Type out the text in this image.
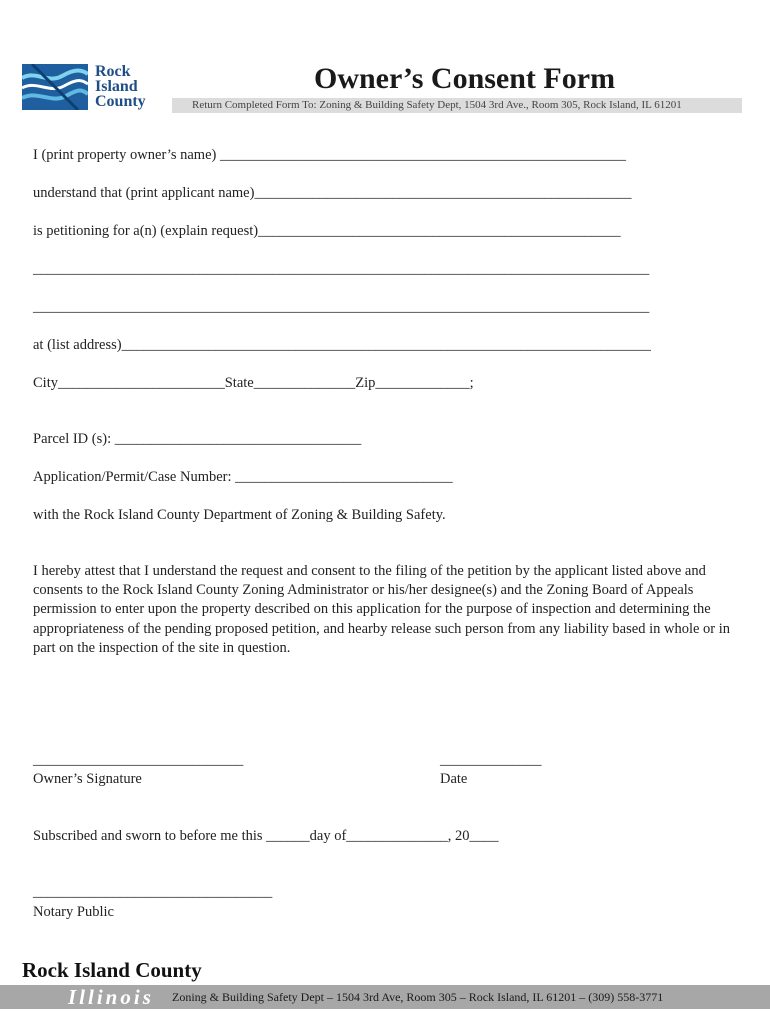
Rock
Island
County
Owner’s Consent Form
Return Completed Form To: Zoning & Building Safety Dept, 1504 3rd Ave., Room 305, Rock Island, IL 61201
I (print property owner’s name) ________________________________________________________
understand that (print applicant name)____________________________________________________
is petitioning for a(n) (explain request)__________________________________________________
_____________________________________________________________________________________
_____________________________________________________________________________________
at (list address)_________________________________________________________________________
City_______________________State______________Zip_____________;
Parcel ID (s): __________________________________
Application/Permit/Case Number: ______________________________
with the Rock Island County Department of Zoning & Building Safety.
I hereby attest that I understand the request and consent to the filing of the petition by the applicant listed above and consents to the Rock Island County Zoning Administrator or his/her designee(s) and the Zoning Board of Appeals permission to enter upon the property described on this application for the purpose of inspection and determining the appropriateness of the pending proposed petition, and hearby release such person from any liability based in whole or in part on the inspection of the site in question.
_____________________________
Owner’s Signature
______________
Date
Subscribed and sworn to before me this ______day of______________, 20____
_________________________________
Notary Public
Rock Island County
Illinois Zoning & Building Safety Dept – 1504 3rd Ave, Room 305 – Rock Island, IL 61201 – (309) 558-3771
